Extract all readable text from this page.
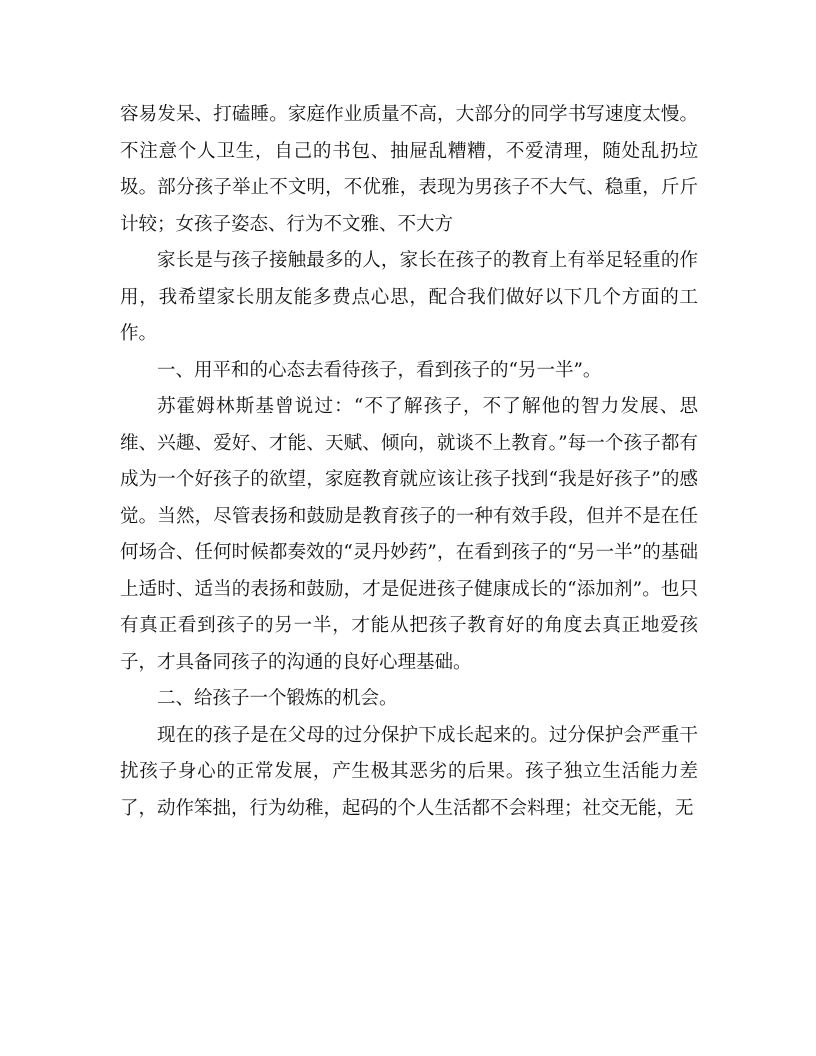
容易发呆、打磕睡。家庭作业质量不高，大部分的同学书写速度太慢。不注意个人卫生，自己的书包、抽屉乱糟糟，不爱清理，随处乱扔垃圾。部分孩子举止不文明，不优雅，表现为男孩子不大气、稳重，斤斤计较；女孩子姿态、行为不文雅、不大方

家长是与孩子接触最多的人，家长在孩子的教育上有举足轻重的作用，我希望家长朋友能多费点心思，配合我们做好以下几个方面的工作。

一、用平和的心态去看待孩子，看到孩子的“另一半”。

苏霍姆林斯基曾说过：“不了解孩子，不了解他的智力发展、思维、兴趣、爱好、才能、天赋、倾向，就谈不上教育。”每一个孩子都有成为一个好孩子的欲望，家庭教育就应该让孩子找到“我是好孩子”的感觉。当然，尽管表扬和鼓励是教育孩子的一种有效手段，但并不是在任何场合、任何时候都奏效的“灵丹妙药”，在看到孩子的“另一半”的基础上适时、适当的表扬和鼓励，才是促进孩子健康成长的“添加剂”。也只有真正看到孩子的另一半，才能从把孩子教育好的角度去真正地爱孩子，才具备同孩子的沟通的良好心理基础。

二、给孩子一个锻炼的机会。

现在的孩子是在父母的过分保护下成长起来的。过分保护会严重干扰孩子身心的正常发展，产生极其恶劣的后果。孩子独立生活能力差了，动作笨拙，行为幼稚，起码的个人生活都不会料理；社交无能，无
